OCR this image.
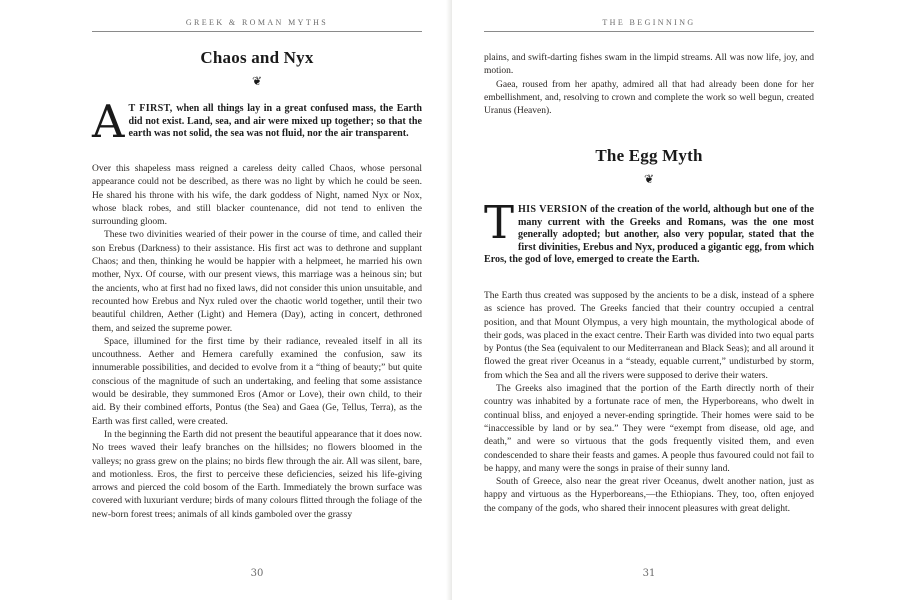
GREEK & ROMAN MYTHS
Chaos and Nyx
❦
A T FIRST, when all things lay in a great confused mass, the Earth did not exist. Land, sea, and air were mixed up together; so that the earth was not solid, the sea was not fluid, nor the air transparent.

Over this shapeless mass reigned a careless deity called Chaos, whose personal appearance could not be described, as there was no light by which he could be seen. He shared his throne with his wife, the dark goddess of Night, named Nyx or Nox, whose black robes, and still blacker countenance, did not tend to enliven the surrounding gloom.

These two divinities wearied of their power in the course of time, and called their son Erebus (Darkness) to their assistance. His first act was to dethrone and supplant Chaos; and then, thinking he would be happier with a helpmeet, he married his own mother, Nyx. Of course, with our present views, this marriage was a heinous sin; but the ancients, who at first had no fixed laws, did not consider this union unsuitable, and recounted how Erebus and Nyx ruled over the chaotic world together, until their two beautiful children, Aether (Light) and Hemera (Day), acting in concert, dethroned them, and seized the supreme power.

Space, illumined for the first time by their radiance, revealed itself in all its uncouthness. Aether and Hemera carefully examined the confusion, saw its innumerable possibilities, and decided to evolve from it a “thing of beauty;” but quite conscious of the magnitude of such an undertaking, and feeling that some assistance would be desirable, they summoned Eros (Amor or Love), their own child, to their aid. By their combined efforts, Pontus (the Sea) and Gaea (Ge, Tellus, Terra), as the Earth was first called, were created.

In the beginning the Earth did not present the beautiful appearance that it does now. No trees waved their leafy branches on the hillsides; no flowers bloomed in the valleys; no grass grew on the plains; no birds flew through the air. All was silent, bare, and motionless. Eros, the first to perceive these deficiencies, seized his life-giving arrows and pierced the cold bosom of the Earth. Immediately the brown surface was covered with luxuriant verdure; birds of many colours flitted through the foliage of the new-born forest trees; animals of all kinds gamboled over the grassy

30
THE BEGINNING

plains, and swift-darting fishes swam in the limpid streams. All was now life, joy, and motion.

Gaea, roused from her apathy, admired all that had already been done for her embellishment, and, resolving to crown and complete the work so well begun, created Uranus (Heaven).

The Egg Myth
❦
THIS VERSION of the creation of the world, although but one of the many current with the Greeks and Romans, was the one most generally adopted; but another, also very popular, stated that the first divinities, Erebus and Nyx, produced a gigantic egg, from which Eros, the god of love, emerged to create the Earth.

The Earth thus created was supposed by the ancients to be a disk, instead of a sphere as science has proved. The Greeks fancied that their country occupied a central position, and that Mount Olympus, a very high mountain, the mythological abode of their gods, was placed in the exact centre. Their Earth was divided into two equal parts by Pontus (the Sea (equivalent to our Mediterranean and Black Seas); and all around it flowed the great river Oceanus in a “steady, equable current,” undisturbed by storm, from which the Sea and all the rivers were supposed to derive their waters.

The Greeks also imagined that the portion of the Earth directly north of their country was inhabited by a fortunate race of men, the Hyperboreans, who dwelt in continual bliss, and enjoyed a never-ending springtide. Their homes were said to be “inaccessible by land or by sea.” They were “exempt from disease, old age, and death,” and were so virtuous that the gods frequently visited them, and even condescended to share their feasts and games. A people thus favoured could not fail to be happy, and many were the songs in praise of their sunny land.

South of Greece, also near the great river Oceanus, dwelt another nation, just as happy and virtuous as the Hyperboreans,—the Ethiopians. They, too, often enjoyed the company of the gods, who shared their innocent pleasures with great delight.

31
